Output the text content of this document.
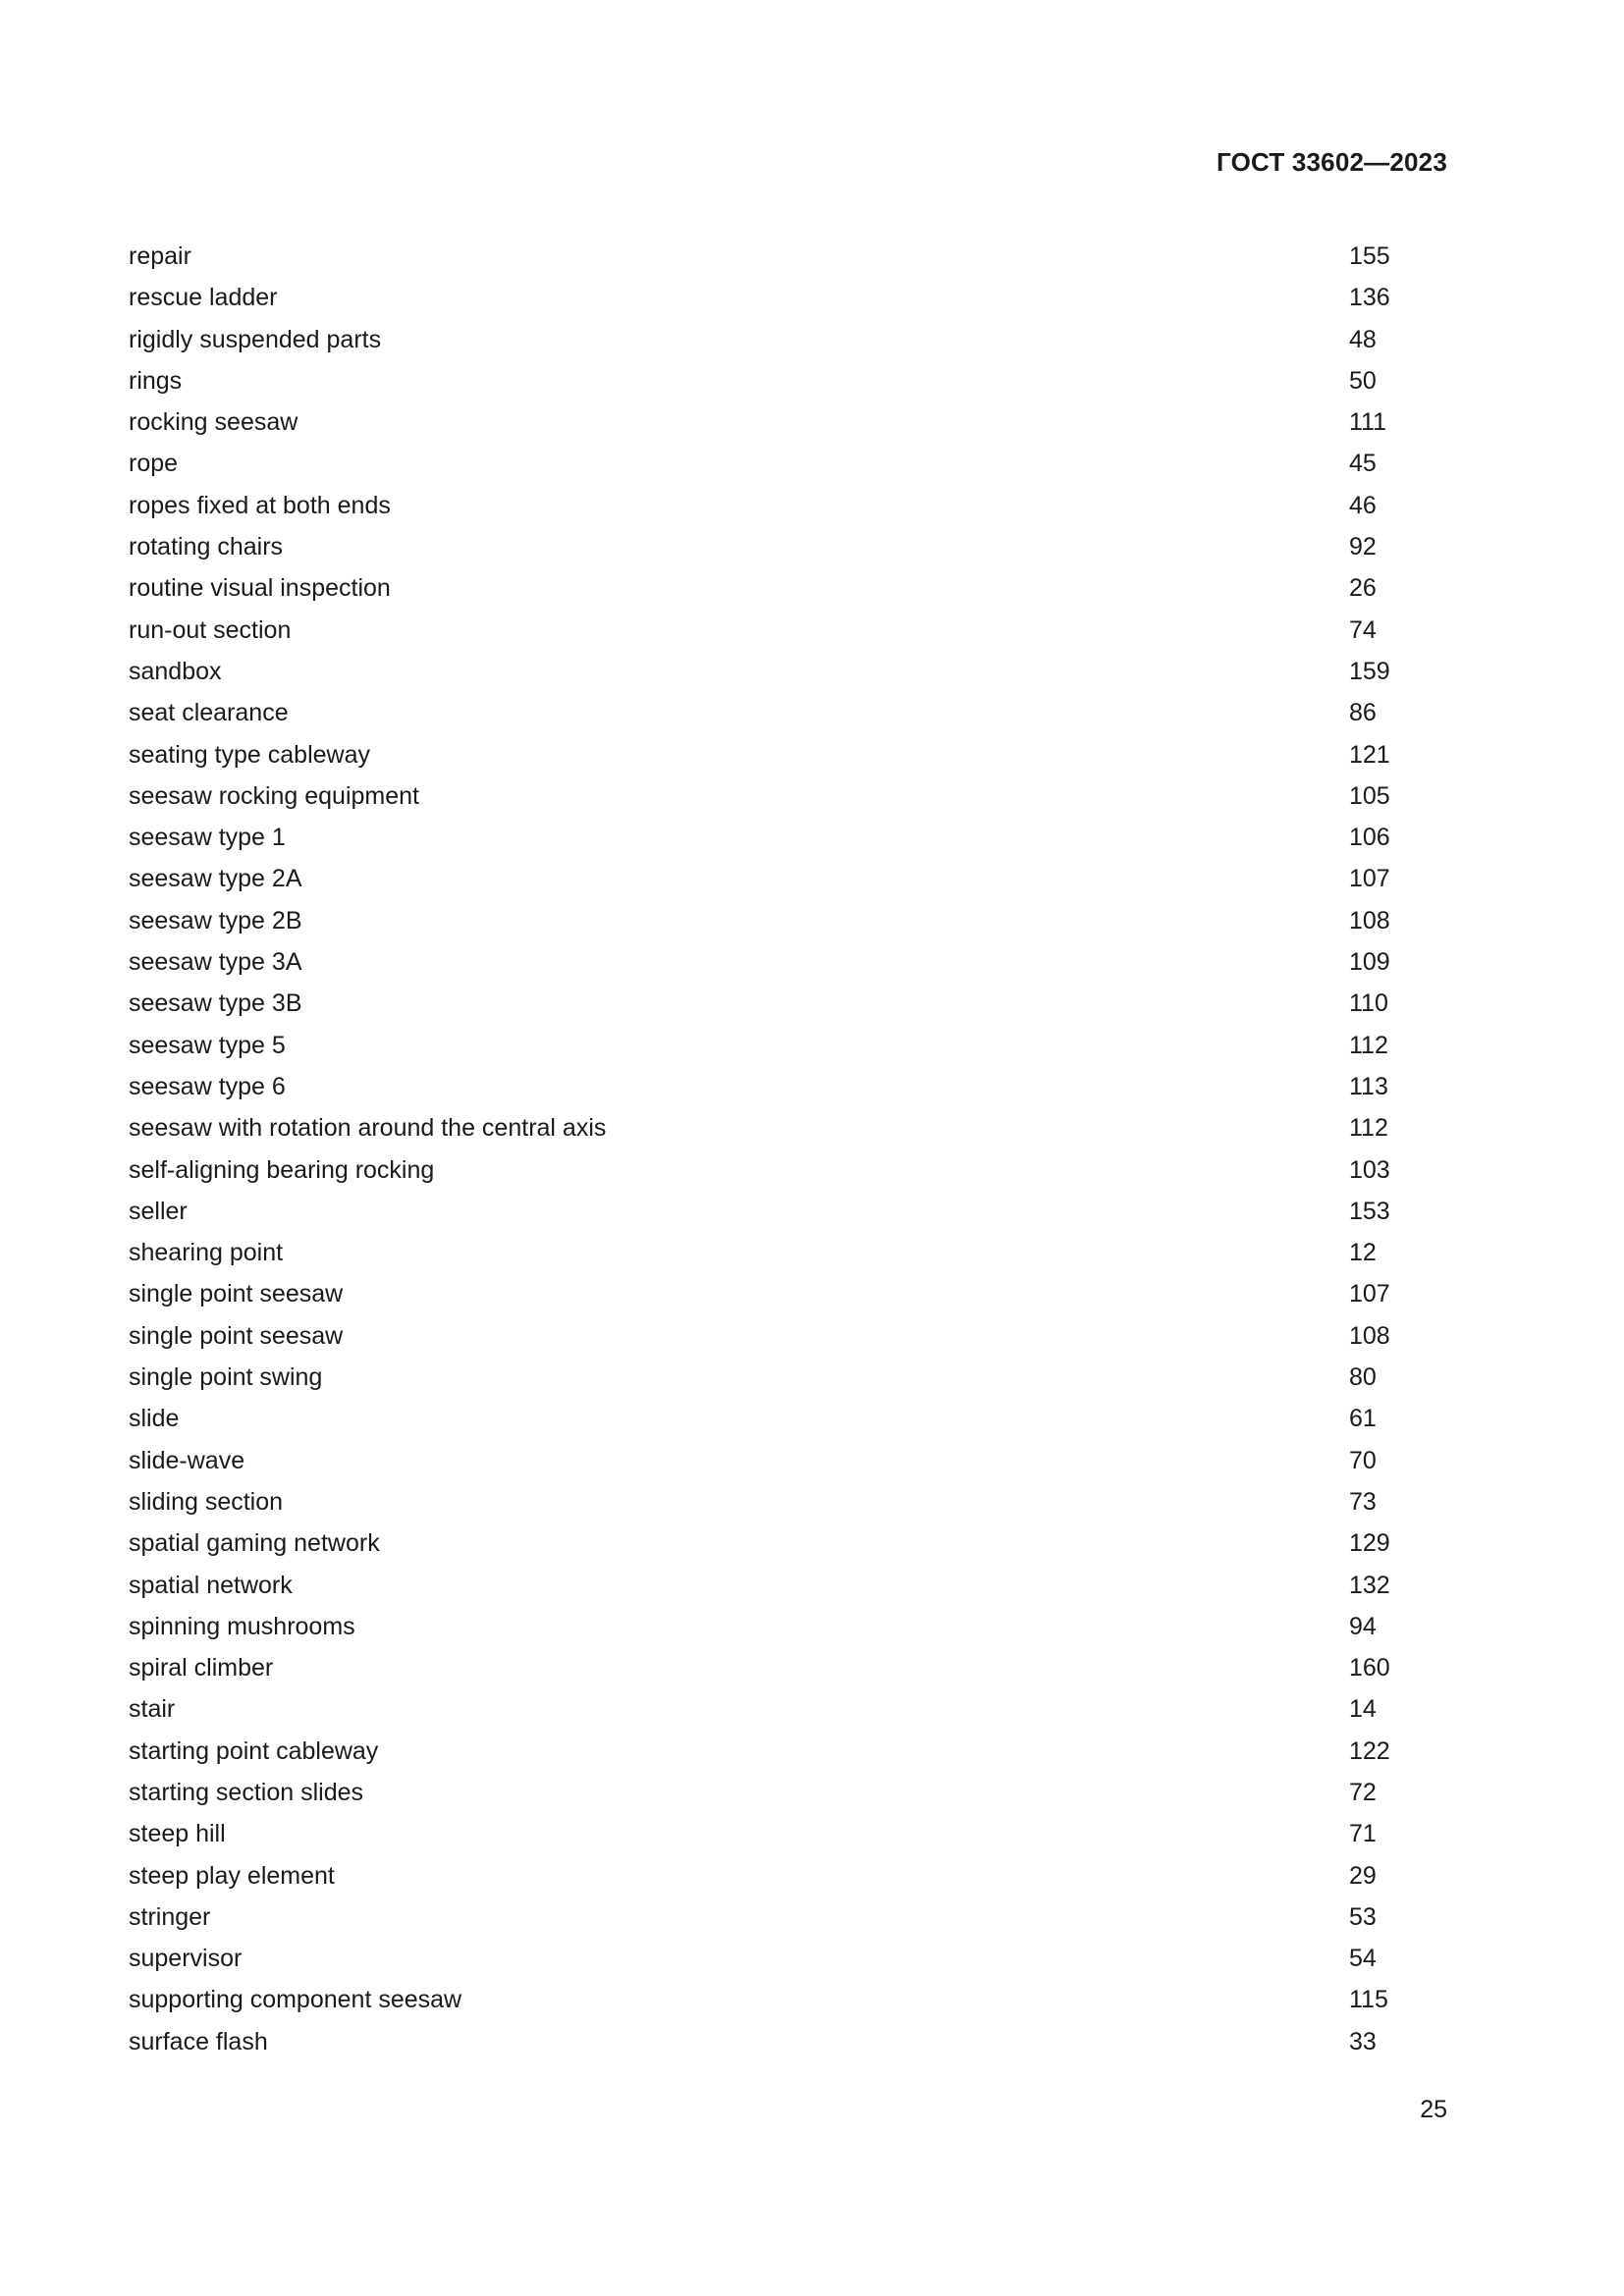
ГОСТ 33602—2023
repair	155
rescue ladder	136
rigidly suspended parts	48
rings	50
rocking seesaw	111
rope	45
ropes fixed at both ends	46
rotating chairs	92
routine visual inspection	26
run-out section	74
sandbox	159
seat clearance	86
seating type cableway	121
seesaw rocking equipment	105
seesaw type 1	106
seesaw type 2A	107
seesaw type 2B	108
seesaw type 3A	109
seesaw type 3B	110
seesaw type 5	112
seesaw type 6	113
seesaw with rotation around the central axis	112
self-aligning bearing rocking	103
seller	153
shearing point	12
single point seesaw	107
single point seesaw	108
single point swing	80
slide	61
slide-wave	70
sliding section	73
spatial gaming network	129
spatial network	132
spinning mushrooms	94
spiral climber	160
stair	14
starting point cableway	122
starting section slides	72
steep hill	71
steep play element	29
stringer	53
supervisor	54
supporting component seesaw	115
surface flash	33
25
